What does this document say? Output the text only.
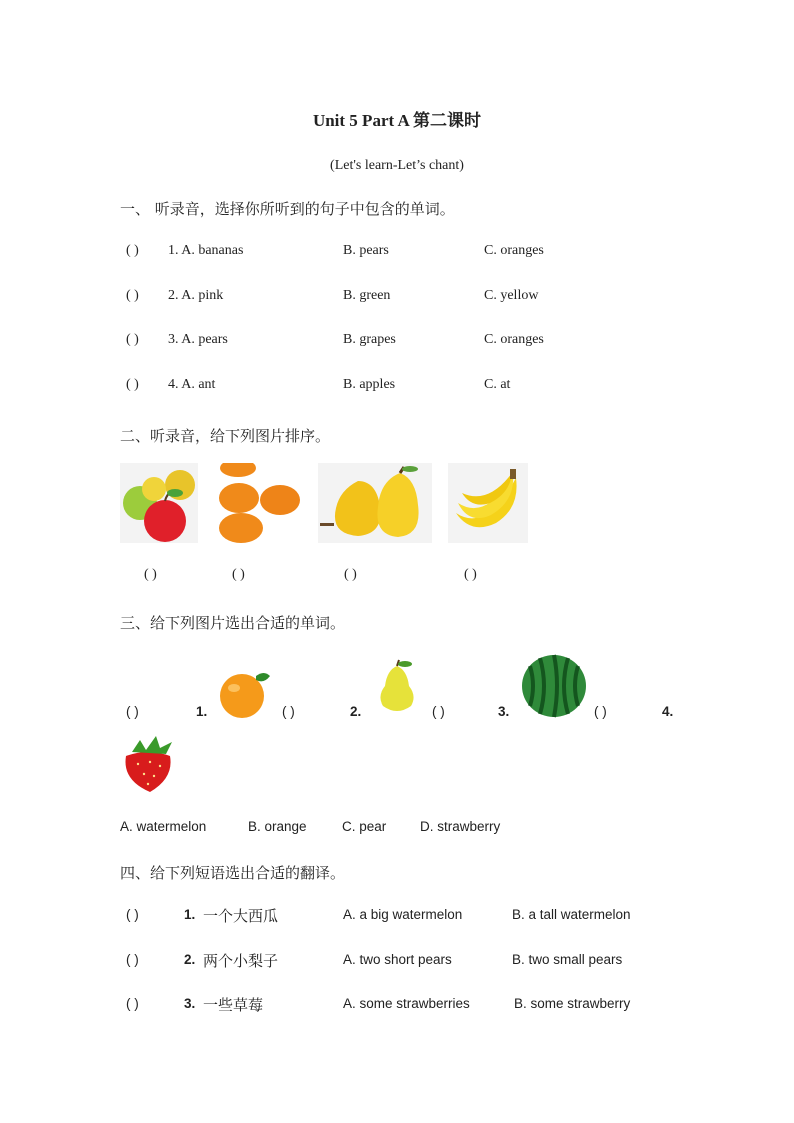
Unit 5 Part A 第二课时
(Let's learn-Let’s chant)
一、 听录音，选择你所听到的句子中包含的单词。
( ) 1. A. bananas	B. pears	C. oranges
( ) 2. A. pink	B. green	C. yellow
( ) 3. A. pears	B. grapes	C. oranges
( ) 4. A. ant	B. apples	C. at
二、听录音，给下列图片排序。
( )	( )	( )	( )
三、给下列图片选出合适的单词。
( )	1.	( )	2.	( )	3.	( )	4.
A. watermelon	B. orange	C. pear D. strawberry
四、给下列短语选出合适的翻译。
( )	1. 一个大西瓜	A. a big watermelon	B. a tall watermelon
( )	2. 两个小梨子	A. two short pears	B. two small pears
( )	3. 一些草莓	A. some strawberries	B. some strawberry
